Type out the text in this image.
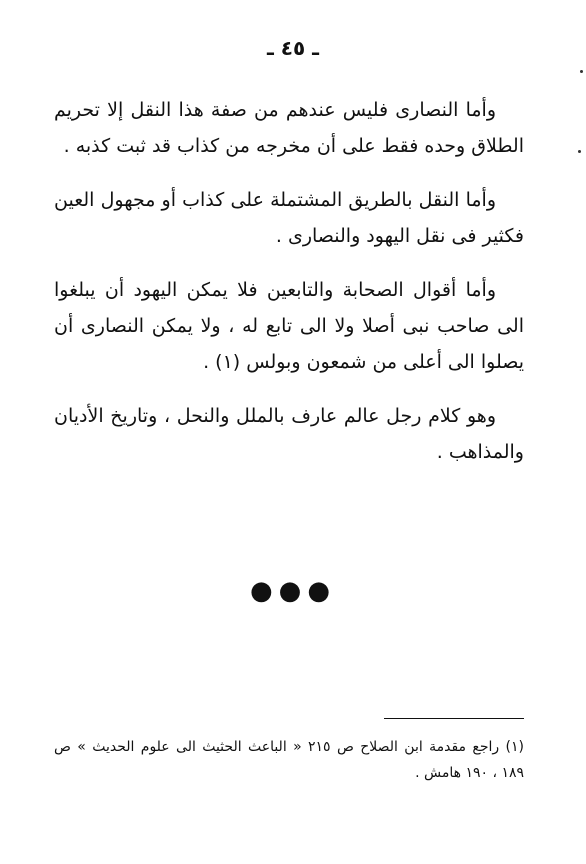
ـ ٤٥ ـ

وأما النصارى فليس عندهم من صفة هذا النقل إلا تحريم الطلاق وحده فقط على أن مخرجه من كذاب قد ثبت كذبه .

وأما النقل بالطريق المشتملة على كذاب أو مجهول العين فكثير فى نقل اليهود والنصارى .

وأما أقوال الصحابة والتابعين فلا يمكن اليهود أن يبلغوا الى صاحب نبى أصلا ولا الى تابع له ، ولا يمكن النصارى أن يصلوا الى أعلى من شمعون وبولس (١) .

وهو كلام رجل عالم عارف بالملل والنحل ، وتاريخ الأديان والمذاهب .

●●●
(١) راجع مقدمة ابن الصلاح ص ٢١٥ « الباعث الحثيث الى علوم الحديث » ص ١٨٩ ، ١٩٠ هامش .
